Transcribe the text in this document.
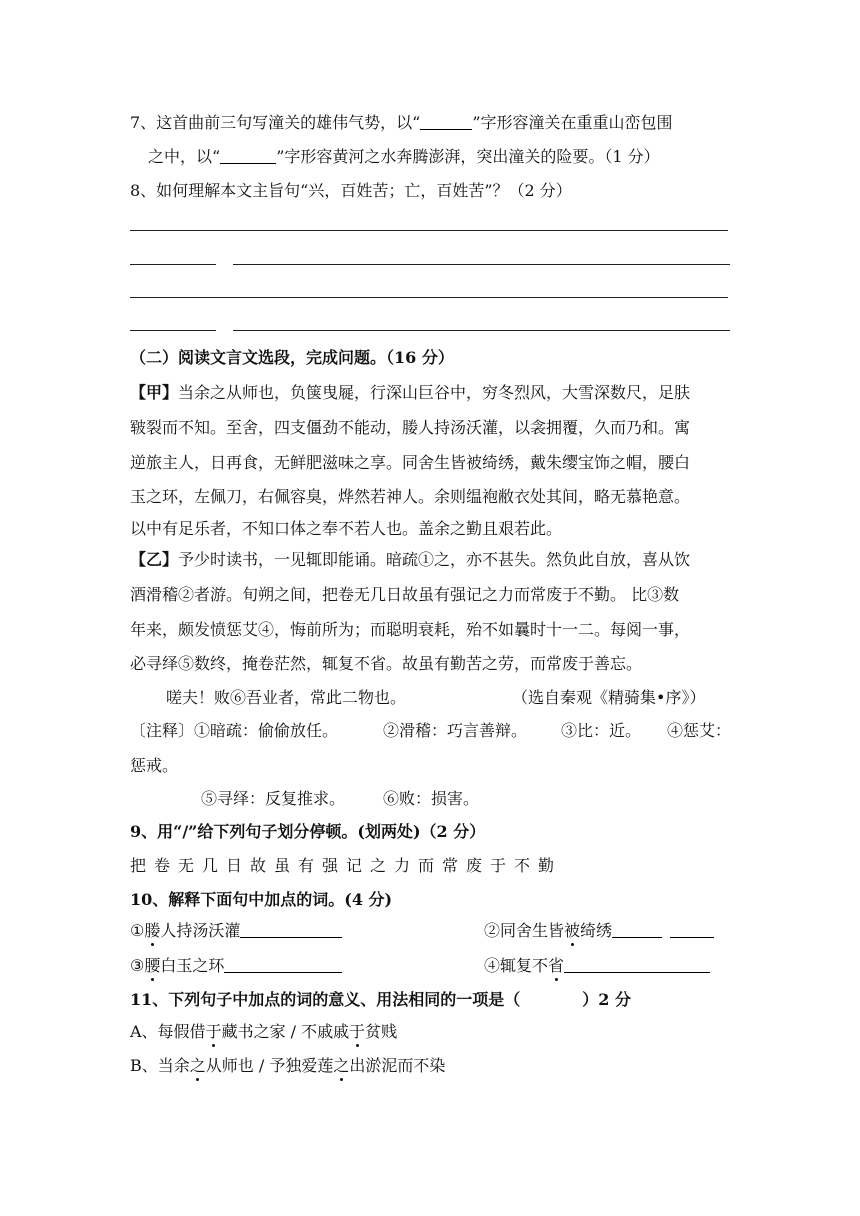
7、这首曲前三句写潼关的雄伟气势，以“	”字形容潼关在重重山峦包围
之中，以“	”字形容黄河之水奔腾澎湃，突出潼关的险要。（1 分）
8、如何理解本文主旨句“兴，百姓苦；亡，百姓苦”？（2 分）
（二）阅读文言文选段，完成问题。（16 分）
【甲】当余之从师也，负箧曳屣，行深山巨谷中，穷冬烈风，大雪深数尺，足肤
皲裂而不知。至舍，四支僵劲不能动，媵人持汤沃灌，以衾拥覆，久而乃和。寓
逆旅主人，日再食，无鲜肥滋味之享。同舍生皆被绮绣，戴朱缨宝饰之帽，腰白
玉之环，左佩刀，右佩容臭，烨然若神人。余则缊袍敝衣处其间，略无慕艳意。
以中有足乐者，不知口体之奉不若人也。盖余之勤且艰若此。
【乙】予少时读书，一见辄即能诵。暗疏①之，亦不甚失。然负此自放，喜从饮
酒滑稽②者游。旬朔之间，把卷无几日故虽有强记之力而常废于不勤。 比③数
年来，颇发愤惩艾④，悔前所为；而聪明衰耗，殆不如曩时十一二。每阅一事，
必寻绎⑤数终，掩卷茫然，辄复不省。故虽有勤苦之劳，而常废于善忘。
嗟夫！败⑥吾业者，常此二物也。	（选自秦观《精骑集•序》）
〔注释〕①暗疏：偷偷放任。	②滑稽：巧言善辩。 ③比：近。 ④惩艾：
惩戒。
⑤寻绎：反复推求。 ⑥败：损害。
9、用“/”给下列句子划分停顿。(划两处)（2 分）
把卷无几日故虽有强记之力而常废于不勤
10、解释下面句中加点的词。(4 分)
①媵人持汤沃灌	②同舍生皆被绮绣
③腰白玉之环	④辄复不省
11、下列句子中加点的词的意义、用法相同的一项是（	）2 分
A、每假借于藏书之家 / 不戚戚于贫贱
B、当余之从师也 / 予独爱莲之出淤泥而不染
